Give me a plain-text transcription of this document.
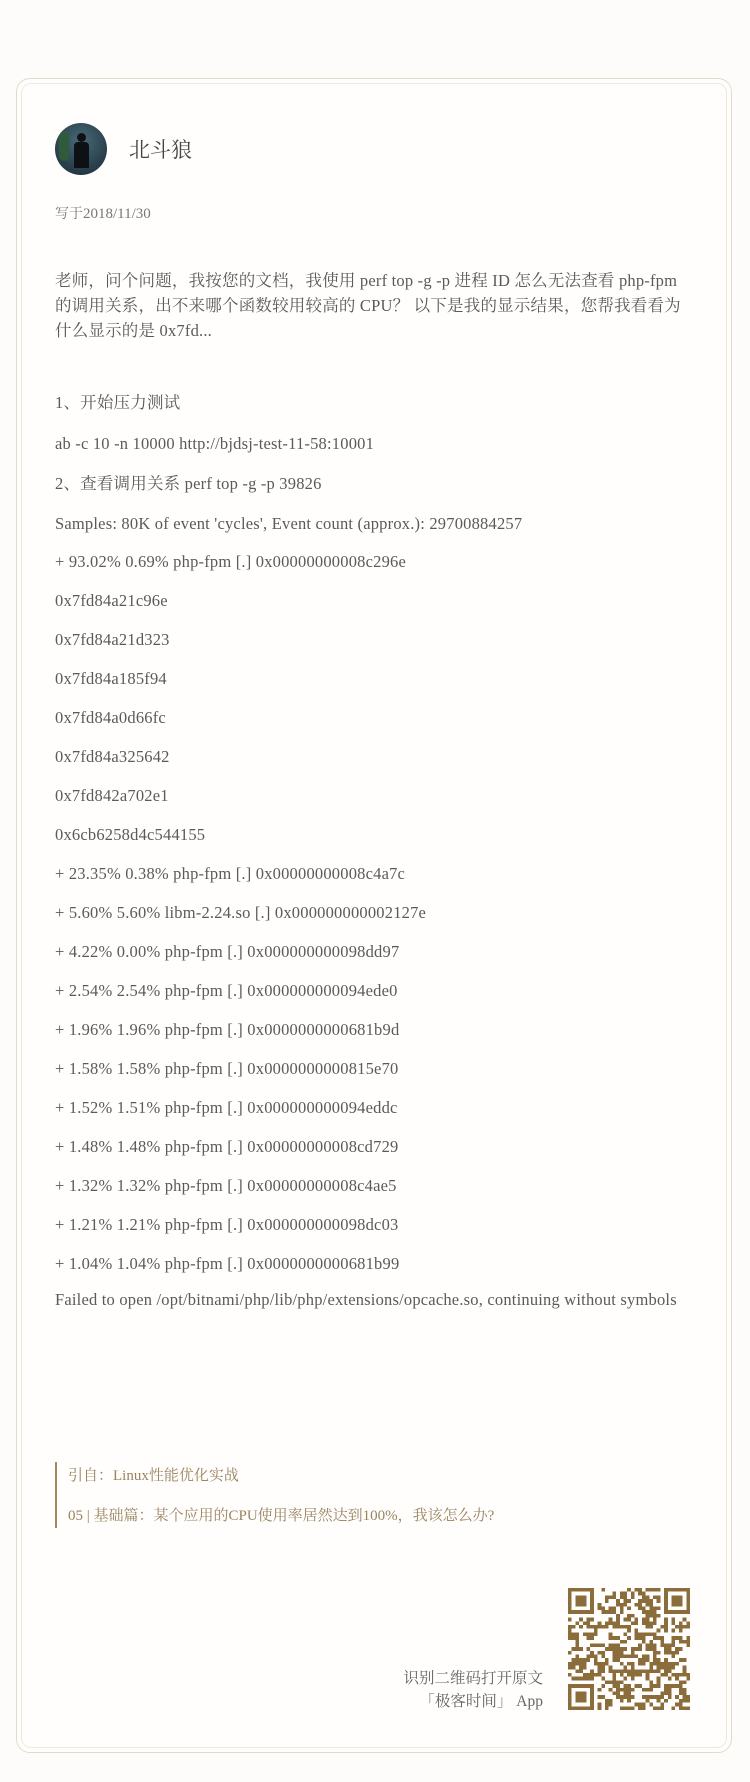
北斗狼
写于2018/11/30

老师，问个问题，我按您的文档，我使用 perf top -g -p 进程 ID 怎么无法查看 php-fpm 的调用关系，出不来哪个函数较用较高的 CPU？ 以下是我的显示结果，您帮我看看为什么显示的是 0x7fd...

1、开始压力测试
ab -c 10 -n 10000 http://bjdsj-test-11-58:10001
2、查看调用关系 perf top -g -p 39826
Samples: 80K of event 'cycles', Event count (approx.): 29700884257
+ 93.02% 0.69% php-fpm [.] 0x00000000008c296e
0x7fd84a21c96e
0x7fd84a21d323
0x7fd84a185f94
0x7fd84a0d66fc
0x7fd84a325642
0x7fd842a702e1
0x6cb6258d4c544155
+ 23.35% 0.38% php-fpm [.] 0x00000000008c4a7c
+ 5.60% 5.60% libm-2.24.so [.] 0x000000000002127e
+ 4.22% 0.00% php-fpm [.] 0x000000000098dd97
+ 2.54% 2.54% php-fpm [.] 0x000000000094ede0
+ 1.96% 1.96% php-fpm [.] 0x0000000000681b9d
+ 1.58% 1.58% php-fpm [.] 0x0000000000815e70
+ 1.52% 1.51% php-fpm [.] 0x000000000094eddc
+ 1.48% 1.48% php-fpm [.] 0x00000000008cd729
+ 1.32% 1.32% php-fpm [.] 0x00000000008c4ae5
+ 1.21% 1.21% php-fpm [.] 0x000000000098dc03
+ 1.04% 1.04% php-fpm [.] 0x0000000000681b99

Failed to open /opt/bitnami/php/lib/php/extensions/opcache.so, continuing without symbols

引自：Linux性能优化实战
05 | 基础篇：某个应用的CPU使用率居然达到100%，我该怎么办?
识别二维码打开原文
「极客时间」 App
